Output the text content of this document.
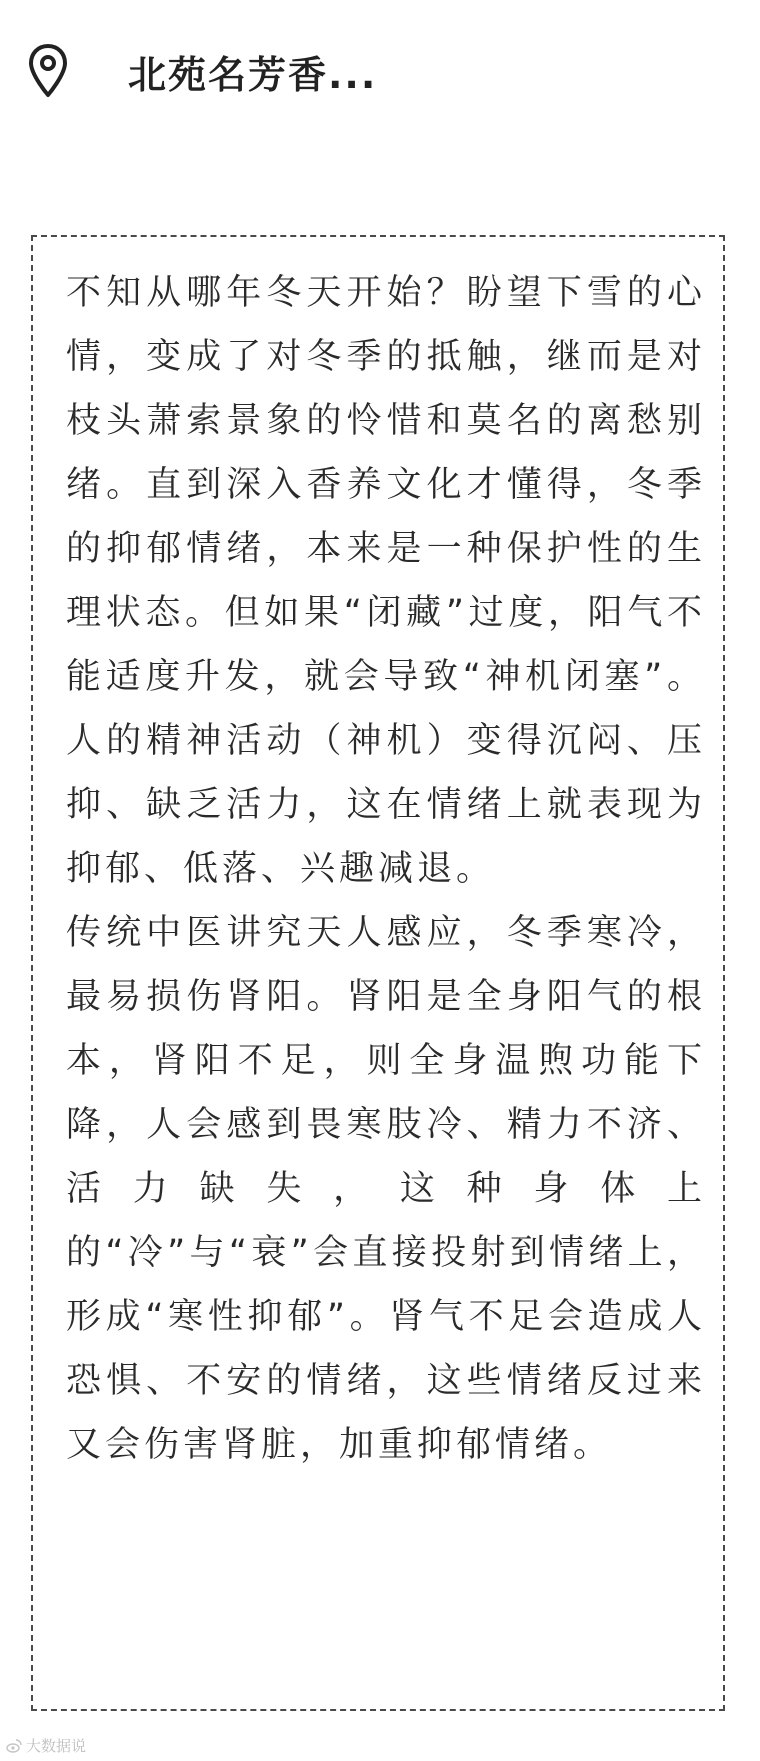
北苑名芳香...

不知从哪年冬天开始？盼望下雪的心情，变成了对冬季的抵触，继而是对枝头萧索景象的怜惜和莫名的离愁别绪。直到深入香养文化才懂得，冬季的抑郁情绪，本来是一种保护性的生理状态。但如果“闭藏”过度，阳气不能适度升发，就会导致“神机闭塞”。人的精神活动（神机）变得沉闷、压抑、缺乏活力，这在情绪上就表现为抑郁、低落、兴趣减退。

传统中医讲究天人感应，冬季寒冷，最易损伤肾阳。肾阳是全身阳气的根本，肾阳不足，则全身温煦功能下降，人会感到畏寒肢冷、精力不济、活力缺失，这种身体上的“冷”与“衰”会直接投射到情绪上，形成“寒性抑郁”。肾气不足会造成人恐惧、不安的情绪，这些情绪反过来又会伤害肾脏，加重抑郁情绪。

大数据说
